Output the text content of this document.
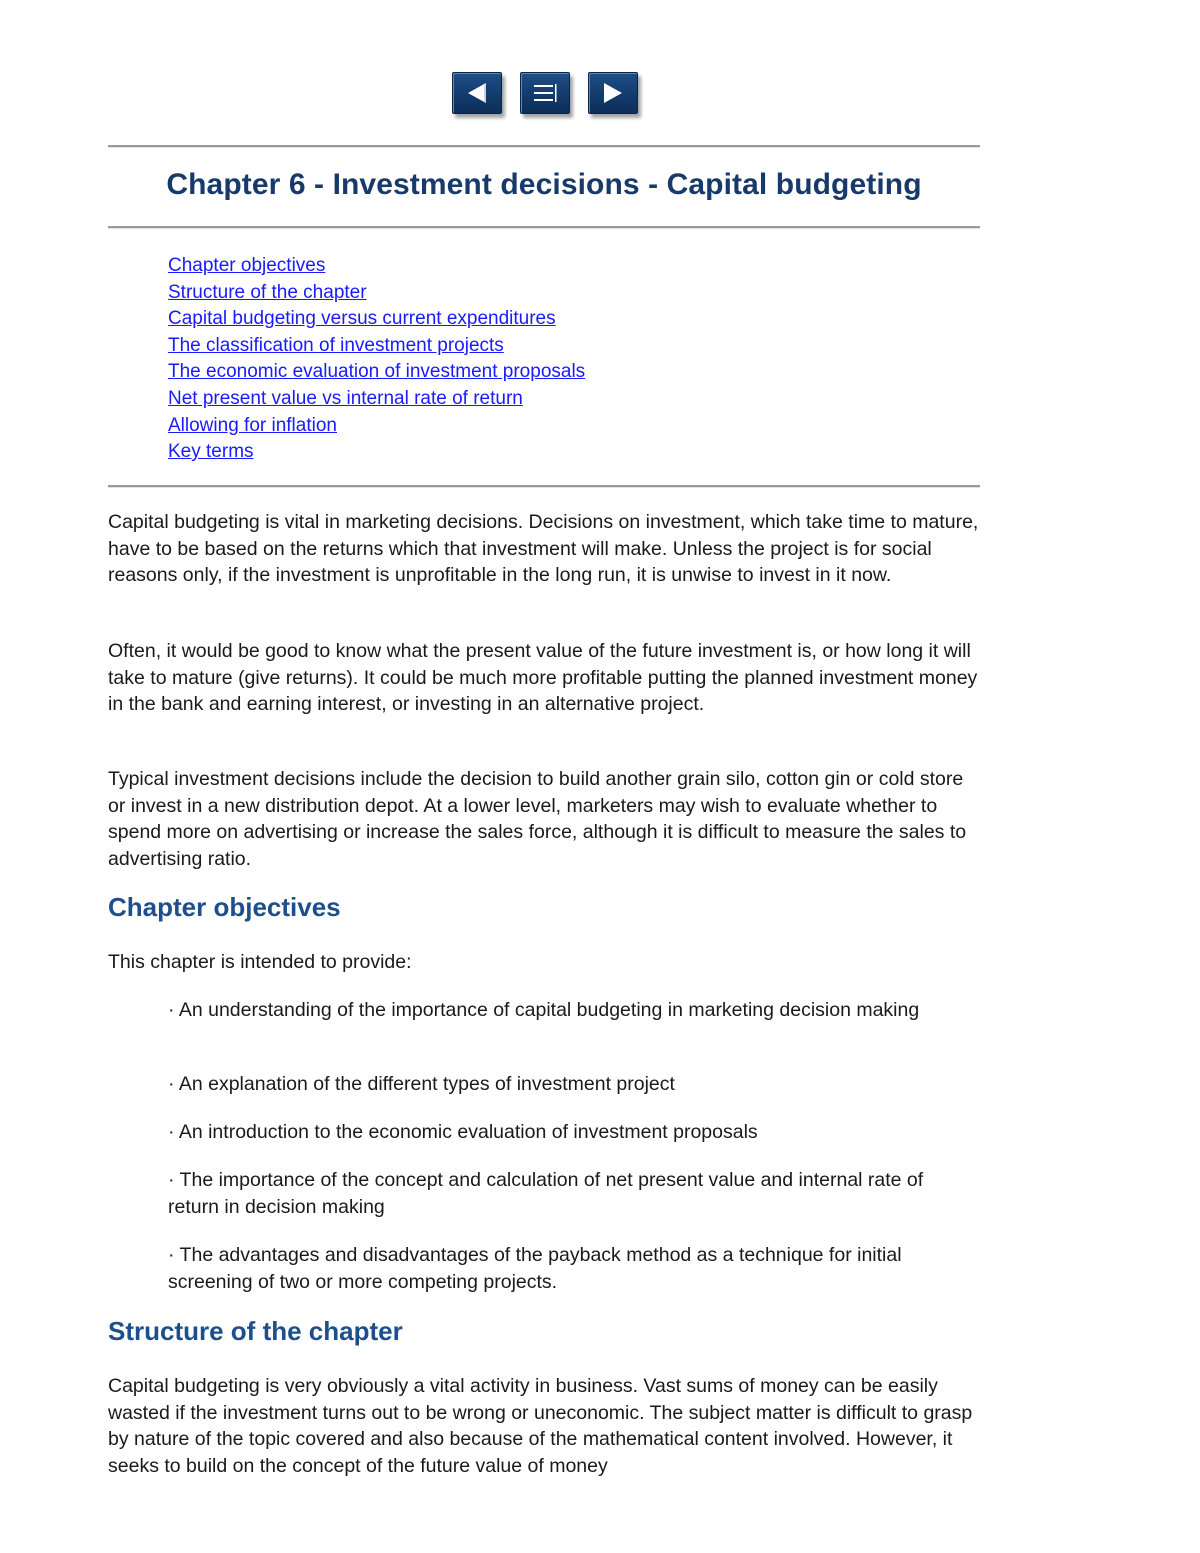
Chapter 6 - Investment decisions - Capital budgeting
Chapter objectives
Structure of the chapter
Capital budgeting versus current expenditures
The classification of investment projects
The economic evaluation of investment proposals
Net present value vs internal rate of return
Allowing for inflation
Key terms

Capital budgeting is vital in marketing decisions. Decisions on investment, which take time to mature, have to be based on the returns which that investment will make. Unless the project is for social reasons only, if the investment is unprofitable in the long run, it is unwise to invest in it now.

Often, it would be good to know what the present value of the future investment is, or how long it will take to mature (give returns). It could be much more profitable putting the planned investment money in the bank and earning interest, or investing in an alternative project.

Typical investment decisions include the decision to build another grain silo, cotton gin or cold store or invest in a new distribution depot. At a lower level, marketers may wish to evaluate whether to spend more on advertising or increase the sales force, although it is difficult to measure the sales to advertising ratio.

Chapter objectives

This chapter is intended to provide:

· An understanding of the importance of capital budgeting in marketing decision making

· An explanation of the different types of investment project

· An introduction to the economic evaluation of investment proposals

· The importance of the concept and calculation of net present value and internal rate of return in decision making

· The advantages and disadvantages of the payback method as a technique for initial screening of two or more competing projects.

Structure of the chapter

Capital budgeting is very obviously a vital activity in business. Vast sums of money can be easily wasted if the investment turns out to be wrong or uneconomic. The subject matter is difficult to grasp by nature of the topic covered and also because of the mathematical content involved. However, it seeks to build on the concept of the future value of money
